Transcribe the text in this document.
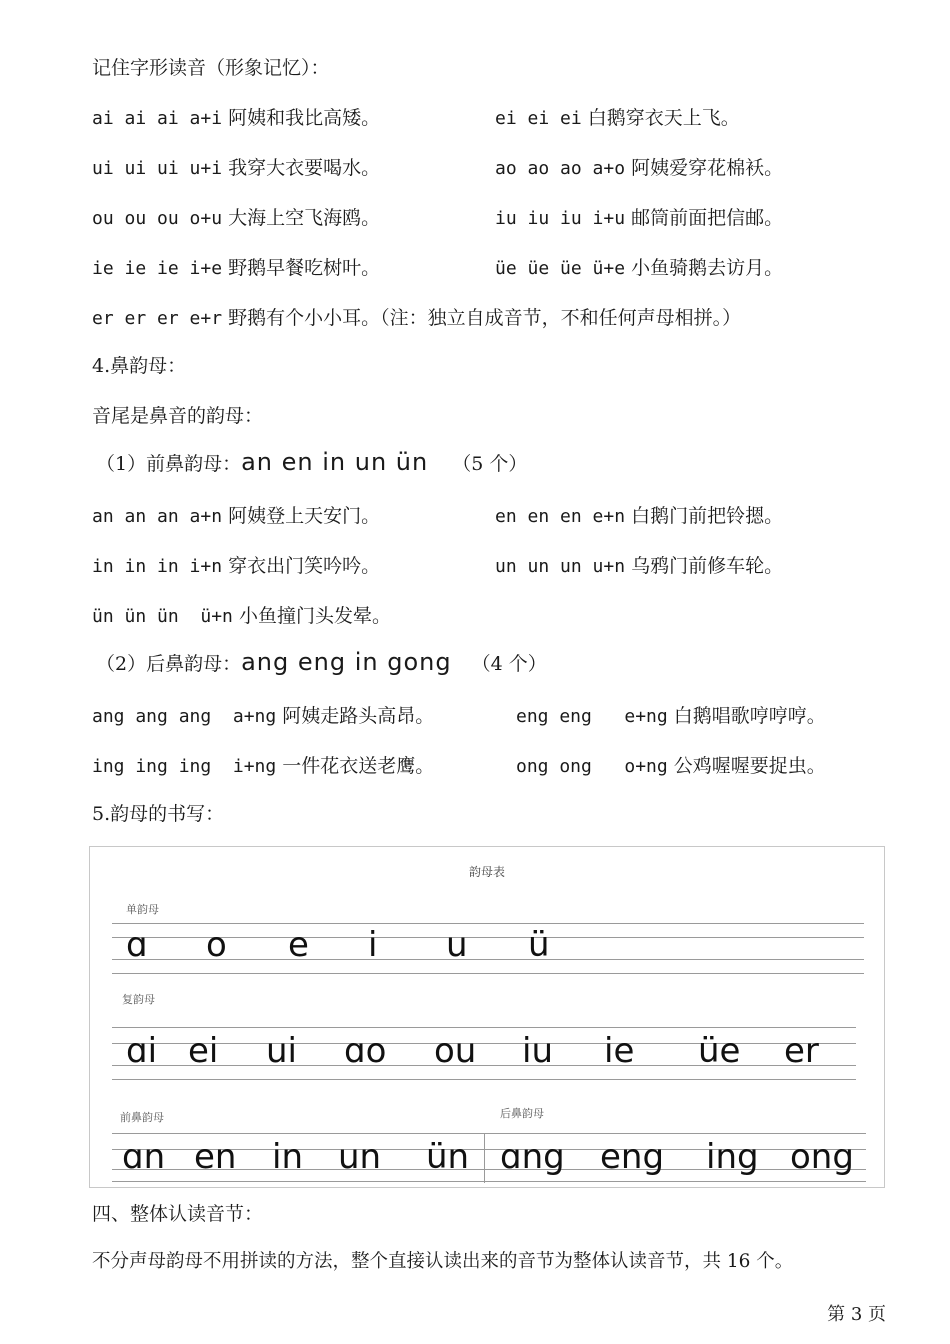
记住字形读音（形象记忆）：
ai ai ai a+i 阿姨和我比高矮。	ei ei ei 白鹅穿衣天上飞。
ui ui ui u+i 我穿大衣要喝水。	ao ao ao a+o 阿姨爱穿花棉袄。
ou ou ou o+u 大海上空飞海鸥。	iu iu iu i+u 邮筒前面把信邮。
ie ie ie i+e 野鹅早餐吃树叶。	üe üe üe ü+e 小鱼骑鹅去访月。
er er er e+r 野鹅有个小小耳。（注：独立自成音节，不和任何声母相拼。）
4.鼻韵母：
音尾是鼻音的韵母：
（1）前鼻韵母：an en in un ün （5 个）
an an an a+n 阿姨登上天安门。	en en en e+n 白鹅门前把铃摁。
in in in i+n 穿衣出门笑吟吟。	un un un u+n 乌鸦门前修车轮。
ün ün ün  ü+n 小鱼撞门头发晕。
（2）后鼻韵母：ang eng in gong （4 个）
ang ang ang  a+ng 阿姨走路头高昂。	eng eng   e+ng 白鹅唱歌哼哼哼。
ing ing ing  i+ng 一件花衣送老鹰。	ong ong   o+ng 公鸡喔喔要捉虫。
5.韵母的书写：
韵母表
单韵母
ɑ o e i u ü
复韵母
ɑi ei ui ɑo ou iu ie üe er
前鼻韵母	后鼻韵母
ɑn en in un ün ɑng eng ing ong
四、整体认读音节：
不分声母韵母不用拼读的方法，整个直接认读出来的音节为整体认读音节，共 16 个。
第 3 页
